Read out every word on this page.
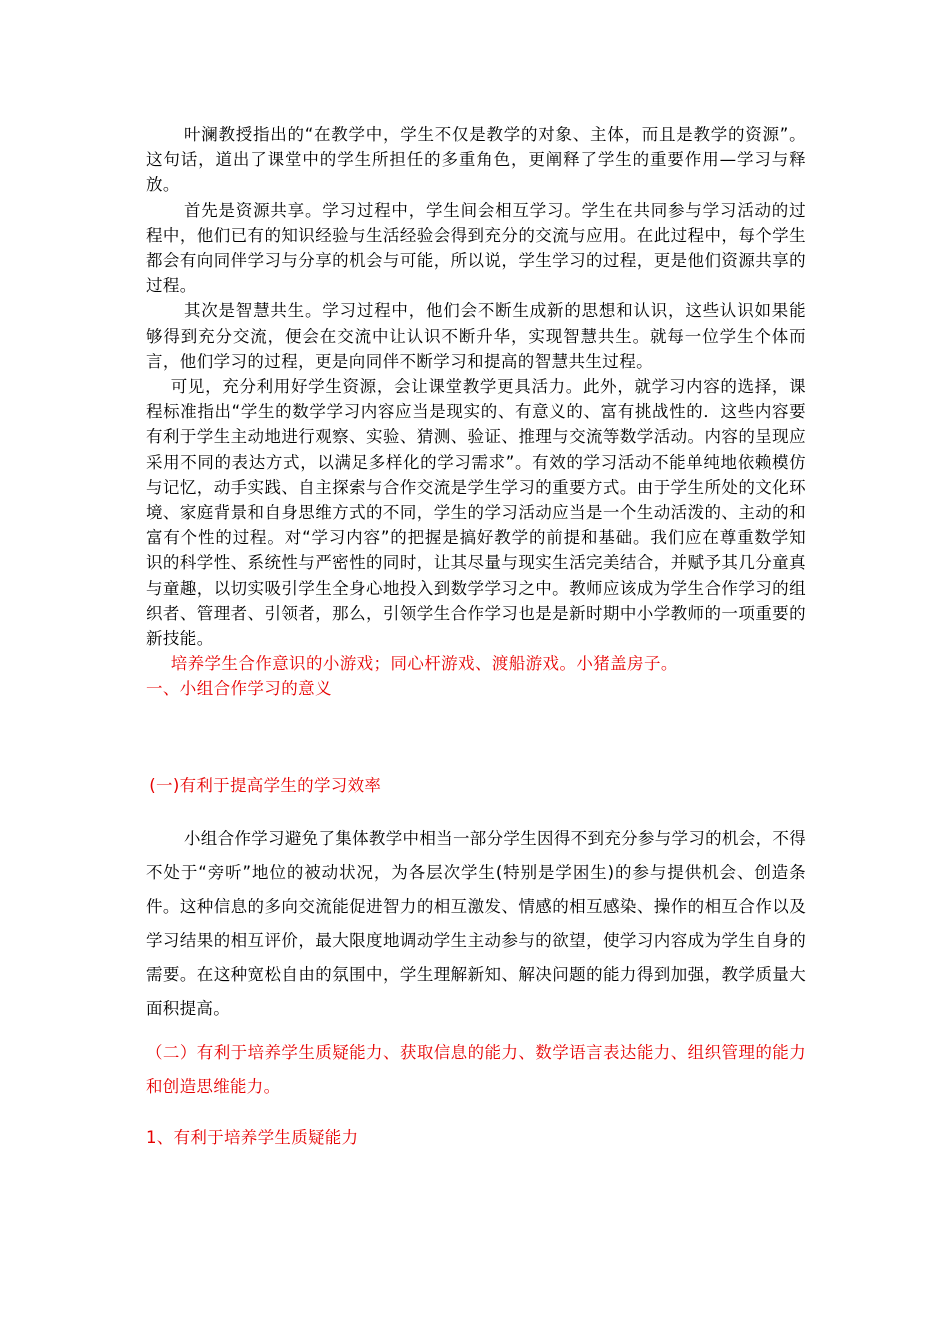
叶澜教授指出的“在教学中，学生不仅是教学的对象、主体，而且是教学的资源”。这句话，道出了课堂中的学生所担任的多重角色，更阐释了学生的重要作用—学习与释放。

首先是资源共享。学习过程中，学生间会相互学习。学生在共同参与学习活动的过程中，他们已有的知识经验与生活经验会得到充分的交流与应用。在此过程中，每个学生都会有向同伴学习与分享的机会与可能，所以说，学生学习的过程，更是他们资源共享的过程。

其次是智慧共生。学习过程中，他们会不断生成新的思想和认识，这些认识如果能够得到充分交流，便会在交流中让认识不断升华，实现智慧共生。就每一位学生个体而言，他们学习的过程，更是向同伴不断学习和提高的智慧共生过程。

可见，充分利用好学生资源，会让课堂教学更具活力。此外，就学习内容的选择，课程标准指出“学生的数学学习内容应当是现实的、有意义的、富有挑战性的．这些内容要有利于学生主动地进行观察、实验、猜测、验证、推理与交流等数学活动。内容的呈现应采用不同的表达方式，以满足多样化的学习需求”。有效的学习活动不能单纯地依赖模仿与记忆，动手实践、自主探索与合作交流是学生学习的重要方式。由于学生所处的文化环境、家庭背景和自身思维方式的不同，学生的学习活动应当是一个生动活泼的、主动的和富有个性的过程。对“学习内容”的把握是搞好教学的前提和基础。我们应在尊重数学知识的科学性、系统性与严密性的同时，让其尽量与现实生活完美结合，并赋予其几分童真与童趣，以切实吸引学生全身心地投入到数学学习之中。教师应该成为学生合作学习的组织者、管理者、引领者，那么，引领学生合作学习也是是新时期中小学教师的一项重要的新技能。

培养学生合作意识的小游戏；同心杆游戏、渡船游戏。小猪盖房子。

一、小组合作学习的意义

(一)有利于提高学生的学习效率

小组合作学习避免了集体教学中相当一部分学生因得不到充分参与学习的机会，不得不处于“旁听”地位的被动状况，为各层次学生(特别是学困生)的参与提供机会、创造条件。这种信息的多向交流能促进智力的相互激发、情感的相互感染、操作的相互合作以及学习结果的相互评价，最大限度地调动学生主动参与的欲望，使学习内容成为学生自身的需要。在这种宽松自由的氛围中，学生理解新知、解决问题的能力得到加强，教学质量大面积提高。

（二）有利于培养学生质疑能力、获取信息的能力、数学语言表达能力、组织管理的能力和创造思维能力。

1、有利于培养学生质疑能力
